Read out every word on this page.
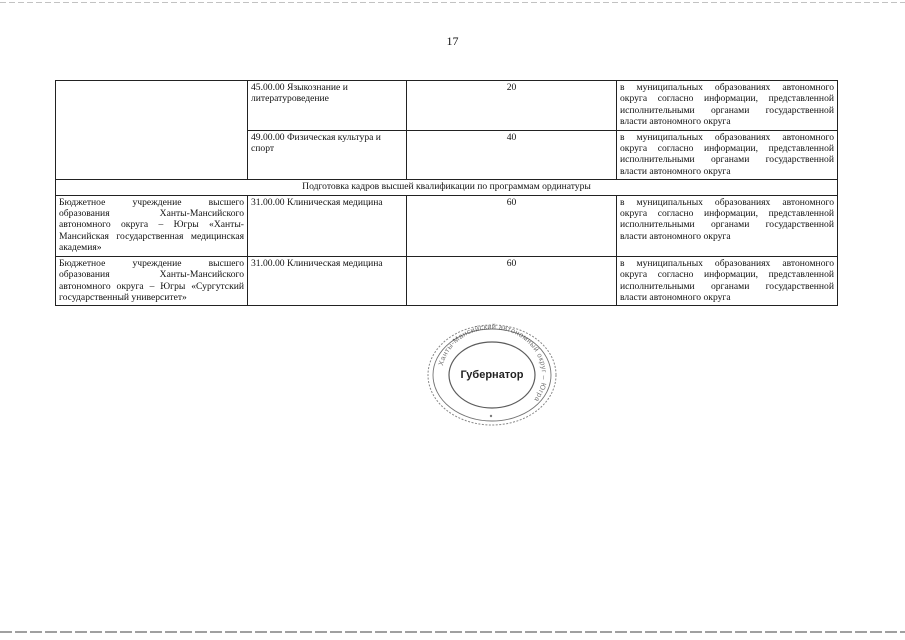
17
	45.00.00 Языкознание и литературоведение	20	в муниципальных образованиях автономного округа согласно информации, представленной исполнительными органами государственной власти автономного округа
	49.00.00 Физическая культура и спорт	40	в муниципальных образованиях автономного округа согласно информации, представленной исполнительными органами государственной власти автономного округа
Подготовка кадров высшей квалификации по программам ординатуры			
Бюджетное учреждение высшего образования Ханты-Мансийского автономного округа – Югры «Ханты-Мансийская государственная медицинская академия»	31.00.00 Клиническая медицина	60	в муниципальных образованиях автономного округа согласно информации, представленной исполнительными органами государственной власти автономного округа
Бюджетное учреждение высшего образования Ханты-Мансийского автономного округа – Югры «Сургутский государственный университет»	31.00.00 Клиническая медицина	60	в муниципальных образованиях автономного округа согласно информации, представленной исполнительными органами государственной власти автономного округа
Ханты-Мансийский автономный округ – Югра
Губернатор
